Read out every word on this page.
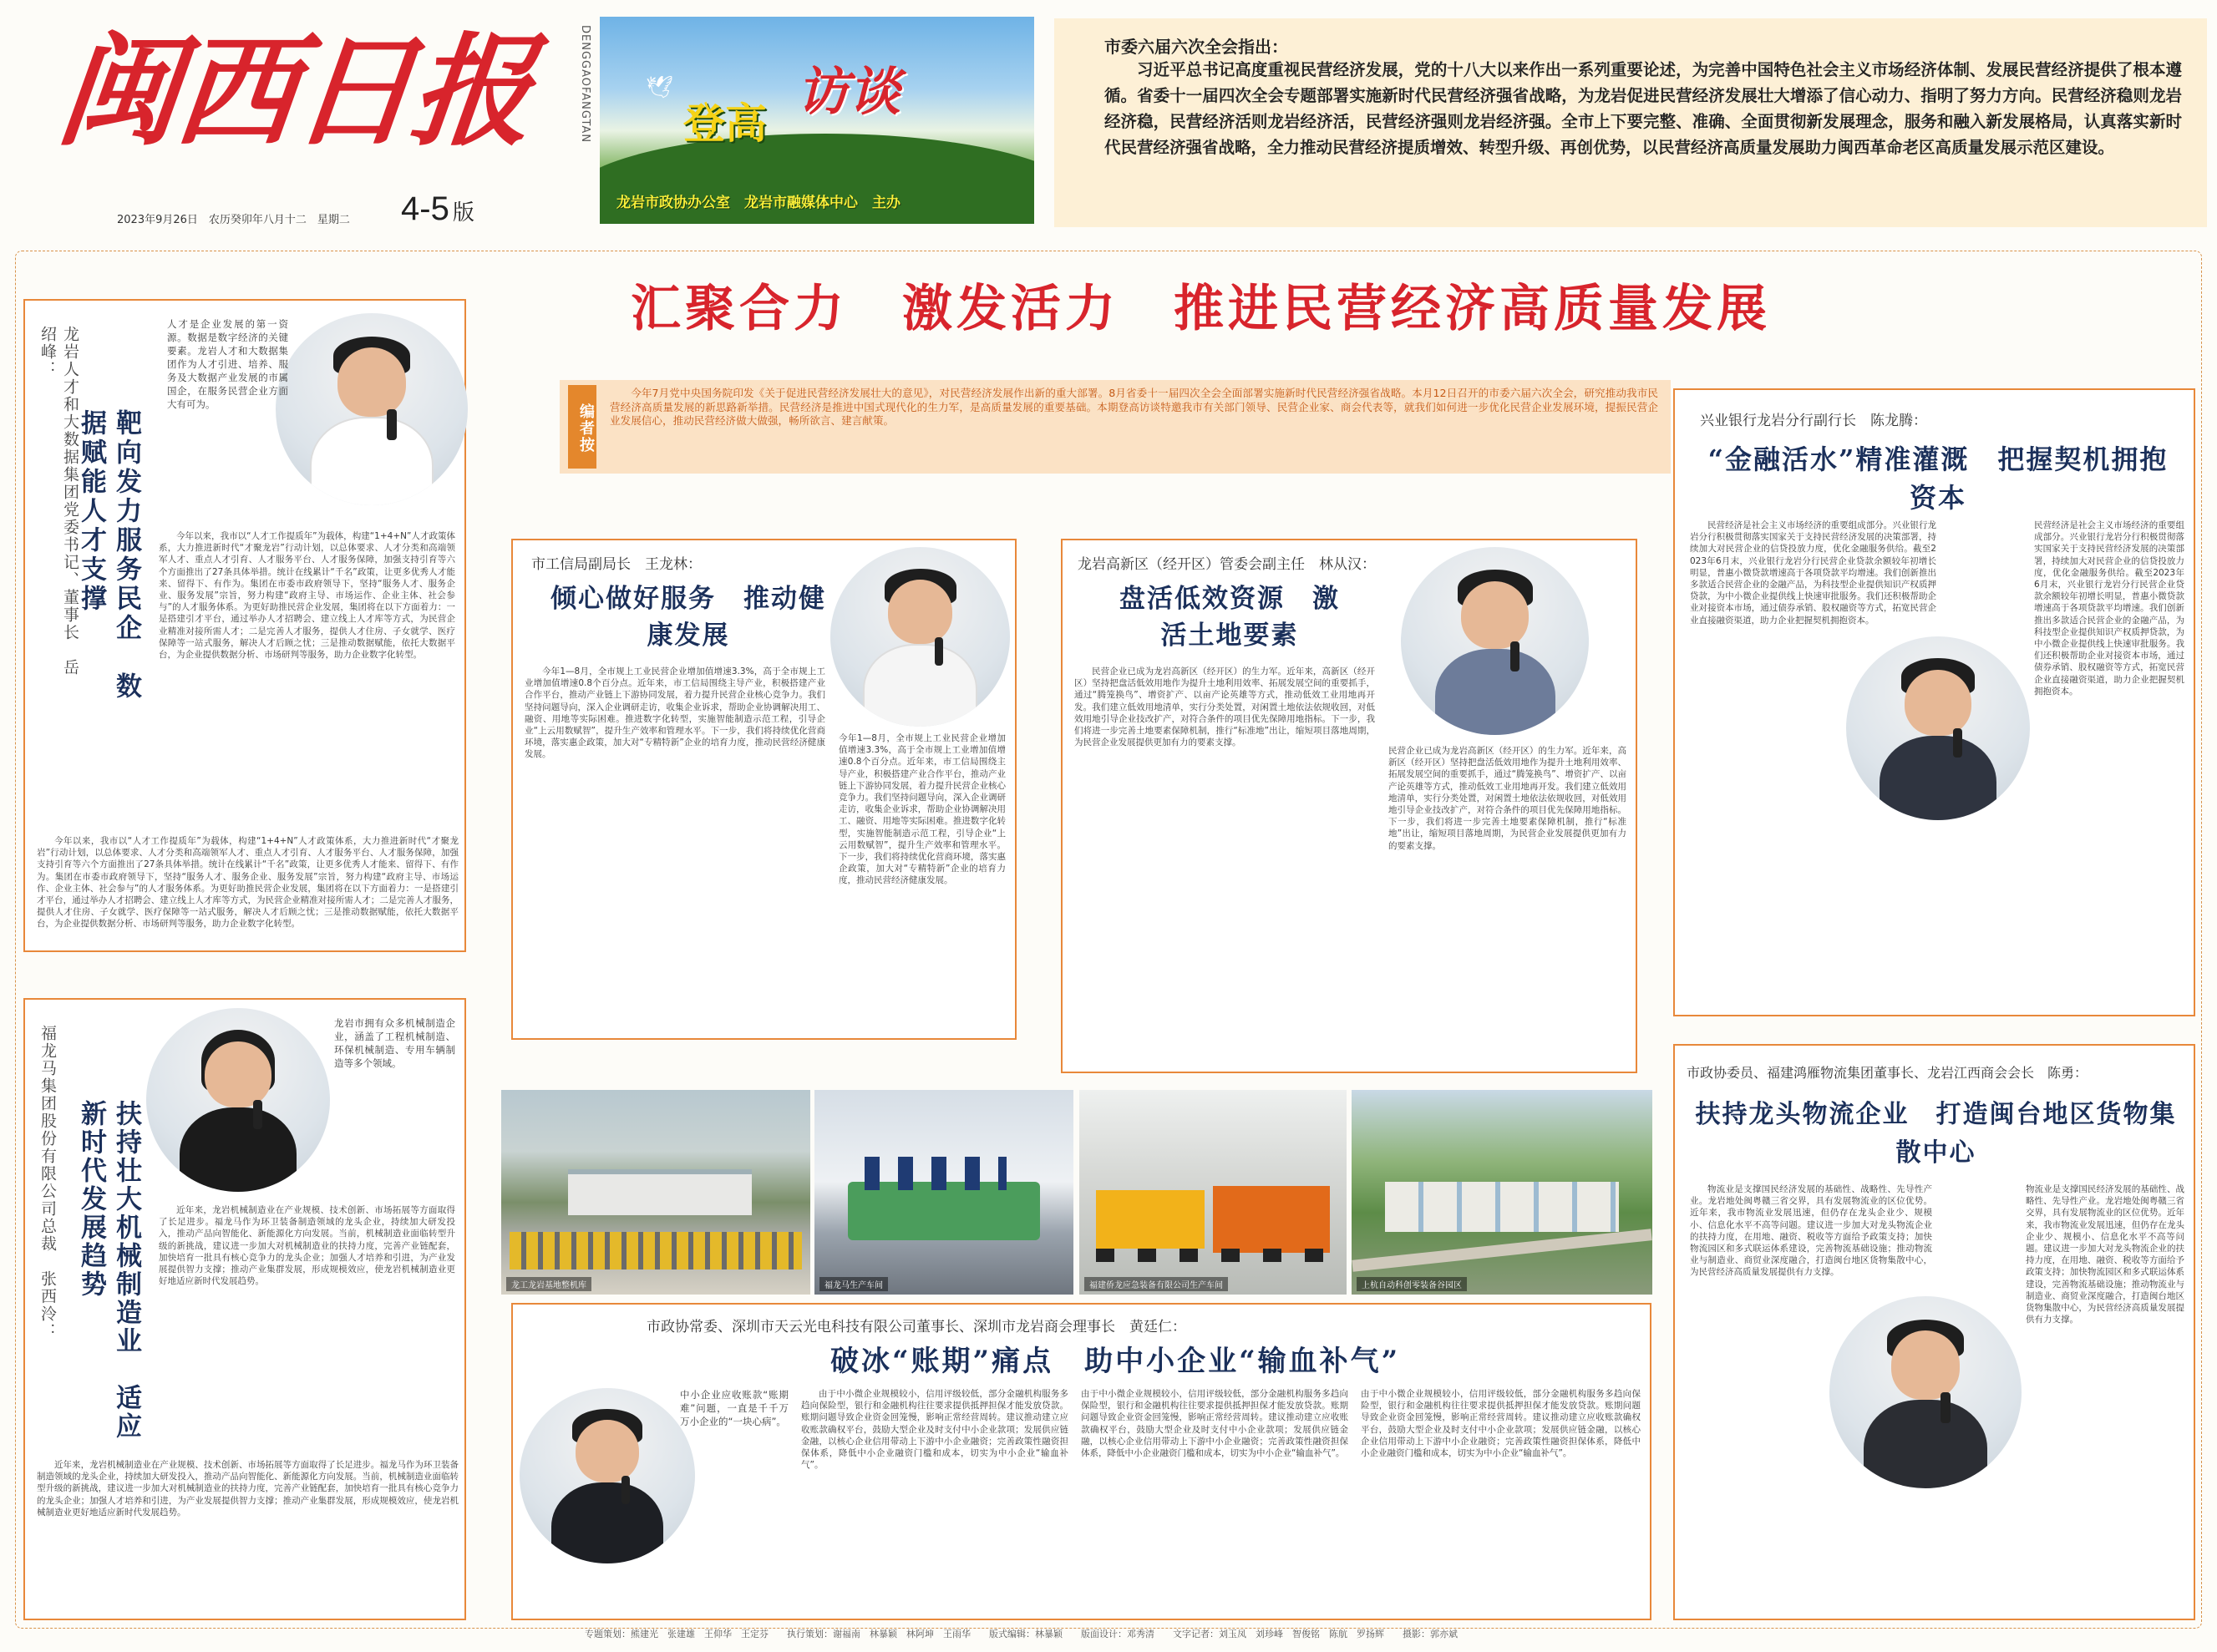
闽西日报
4-5 版
2023年9月26日　农历癸卯年八月十二　星期二
DENGGAOFANGTAN	🕊
登高
访谈
龙岩市政协办公室　龙岩市融媒体中心　主办
市委六届六次全会指出：
习近平总书记高度重视民营经济发展，党的十八大以来作出一系列重要论述，为完善中国特色社会主义市场经济体制、发展民营经济提供了根本遵循。省委十一届四次全会专题部署实施新时代民营经济强省战略，为龙岩促进民营经济发展壮大增添了信心动力、指明了努力方向。民营经济稳则龙岩经济稳，民营经济活则龙岩经济活，民营经济强则龙岩经济强。全市上下要完整、准确、全面贯彻新发展理念，服务和融入新发展格局，认真落实新时代民营经济强省战略，全力推动民营经济提质增效、转型升级、再创优势，以民营经济高质量发展助力闽西革命老区高质量发展示范区建设。
汇聚合力　激发活力　推进民营经济高质量发展
编者按
今年7月党中央国务院印发《关于促进民营经济发展壮大的意见》，对民营经济发展作出新的重大部署。8月省委十一届四次全会全面部署实施新时代民营经济强省战略。本月12日召开的市委六届六次全会，研究推动我市民营经济高质量发展的新思路新举措。民营经济是推进中国式现代化的生力军，是高质量发展的重要基础。本期登高访谈特邀我市有关部门领导、民营企业家、商会代表等，就我们如何进一步优化民营企业发展环境，提振民营企业发展信心，推动民营经济做大做强，畅所欲言、建言献策。
龙岩人才和大数据集团党委书记、董事长　岳绍峰：
靶向发力服务民企　数据赋能人才支撑
人才是企业发展的第一资源。数据是数字经济的关键要素。龙岩人才和大数据集团作为人才引进、培养、服务及大数据产业发展的市属国企，在服务民营企业方面大有可为。
今年以来，我市以“人才工作提质年”为载体，构建“1+4+N”人才政策体系，大力推进新时代“才聚龙岩”行动计划，以总体要求、人才分类和高端领军人才、重点人才引育、人才服务平台、人才服务保障，加强支持引育等六个方面推出了27条具体举措。统计在线累计“千名”政策，让更多优秀人才能来、留得下、有作为。集团在市委市政府领导下，坚持“服务人才、服务企业、服务发展”宗旨，努力构建“政府主导、市场运作、企业主体、社会参与”的人才服务体系。为更好助推民营企业发展，集团将在以下方面着力：一是搭建引才平台，通过举办人才招聘会、建立线上人才库等方式，为民营企业精准对接所需人才；二是完善人才服务，提供人才住房、子女就学、医疗保障等一站式服务，解决人才后顾之忧；三是推动数据赋能，依托大数据平台，为企业提供数据分析、市场研判等服务，助力企业数字化转型。
今年以来，我市以“人才工作提质年”为载体，构建“1+4+N”人才政策体系，大力推进新时代“才聚龙岩”行动计划，以总体要求、人才分类和高端领军人才、重点人才引育、人才服务平台、人才服务保障，加强支持引育等六个方面推出了27条具体举措。统计在线累计“千名”政策，让更多优秀人才能来、留得下、有作为。集团在市委市政府领导下，坚持“服务人才、服务企业、服务发展”宗旨，努力构建“政府主导、市场运作、企业主体、社会参与”的人才服务体系。为更好助推民营企业发展，集团将在以下方面着力：一是搭建引才平台，通过举办人才招聘会、建立线上人才库等方式，为民营企业精准对接所需人才；二是完善人才服务，提供人才住房、子女就学、医疗保障等一站式服务，解决人才后顾之忧；三是推动数据赋能，依托大数据平台，为企业提供数据分析、市场研判等服务，助力企业数字化转型。
市工信局副局长　王龙林：
倾心做好服务　推动健康发展
今年1—8月，全市规上工业民营企业增加值增速3.3%，高于全市规上工业增加值增速0.8个百分点。近年来，市工信局围绕主导产业，积极搭建产业合作平台，推动产业链上下游协同发展，着力提升民营企业核心竞争力。我们坚持问题导向，深入企业调研走访，收集企业诉求，帮助企业协调解决用工、融资、用地等实际困难。推进数字化转型，实施智能制造示范工程，引导企业“上云用数赋智”，提升生产效率和管理水平。下一步，我们将持续优化营商环境，落实惠企政策，加大对“专精特新”企业的培育力度，推动民营经济健康发展。
今年1—8月，全市规上工业民营企业增加值增速3.3%，高于全市规上工业增加值增速0.8个百分点。近年来，市工信局围绕主导产业，积极搭建产业合作平台，推动产业链上下游协同发展，着力提升民营企业核心竞争力。我们坚持问题导向，深入企业调研走访，收集企业诉求，帮助企业协调解决用工、融资、用地等实际困难。推进数字化转型，实施智能制造示范工程，引导企业“上云用数赋智”，提升生产效率和管理水平。下一步，我们将持续优化营商环境，落实惠企政策，加大对“专精特新”企业的培育力度，推动民营经济健康发展。
龙岩高新区（经开区）管委会副主任　林从汉：
盘活低效资源　激活土地要素
民营企业已成为龙岩高新区（经开区）的生力军。近年来，高新区（经开区）坚持把盘活低效用地作为提升土地利用效率、拓展发展空间的重要抓手，通过“腾笼换鸟”、增资扩产、以亩产论英雄等方式，推动低效工业用地再开发。我们建立低效用地清单，实行分类处置，对闲置土地依法依规收回，对低效用地引导企业技改扩产，对符合条件的项目优先保障用地指标。下一步，我们将进一步完善土地要素保障机制，推行“标准地”出让，缩短项目落地周期，为民营企业发展提供更加有力的要素支撑。
民营企业已成为龙岩高新区（经开区）的生力军。近年来，高新区（经开区）坚持把盘活低效用地作为提升土地利用效率、拓展发展空间的重要抓手，通过“腾笼换鸟”、增资扩产、以亩产论英雄等方式，推动低效工业用地再开发。我们建立低效用地清单，实行分类处置，对闲置土地依法依规收回，对低效用地引导企业技改扩产，对符合条件的项目优先保障用地指标。下一步，我们将进一步完善土地要素保障机制，推行“标准地”出让，缩短项目落地周期，为民营企业发展提供更加有力的要素支撑。
兴业银行龙岩分行副行长　陈龙腾：
“金融活水”精准灌溉　把握契机拥抱资本
民营经济是社会主义市场经济的重要组成部分。兴业银行龙岩分行积极贯彻落实国家关于支持民营经济发展的决策部署，持续加大对民营企业的信贷投放力度，优化金融服务供给。截至2023年6月末，兴业银行龙岩分行民营企业贷款余额较年初增长明显，普惠小微贷款增速高于各项贷款平均增速。我们创新推出多款适合民营企业的金融产品，为科技型企业提供知识产权质押贷款，为中小微企业提供线上快速审批服务。我们还积极帮助企业对接资本市场，通过债券承销、股权融资等方式，拓宽民营企业直接融资渠道，助力企业把握契机拥抱资本。
民营经济是社会主义市场经济的重要组成部分。兴业银行龙岩分行积极贯彻落实国家关于支持民营经济发展的决策部署，持续加大对民营企业的信贷投放力度，优化金融服务供给。截至2023年6月末，兴业银行龙岩分行民营企业贷款余额较年初增长明显，普惠小微贷款增速高于各项贷款平均增速。我们创新推出多款适合民营企业的金融产品，为科技型企业提供知识产权质押贷款，为中小微企业提供线上快速审批服务。我们还积极帮助企业对接资本市场，通过债券承销、股权融资等方式，拓宽民营企业直接融资渠道，助力企业把握契机拥抱资本。
福龙马集团股份有限公司总裁　张西泠：	扶持壮大机械制造业　适应新时代发展趋势
龙岩市拥有众多机械制造企业，涵盖了工程机械制造、环保机械制造、专用车辆制造等多个领域。
近年来，龙岩机械制造业在产业规模、技术创新、市场拓展等方面取得了长足进步。福龙马作为环卫装备制造领域的龙头企业，持续加大研发投入，推动产品向智能化、新能源化方向发展。当前，机械制造业面临转型升级的新挑战，建议进一步加大对机械制造业的扶持力度，完善产业链配套，加快培育一批具有核心竞争力的龙头企业；加强人才培养和引进，为产业发展提供智力支撑；推动产业集群发展，形成规模效应，使龙岩机械制造业更好地适应新时代发展趋势。
近年来，龙岩机械制造业在产业规模、技术创新、市场拓展等方面取得了长足进步。福龙马作为环卫装备制造领域的龙头企业，持续加大研发投入，推动产品向智能化、新能源化方向发展。当前，机械制造业面临转型升级的新挑战，建议进一步加大对机械制造业的扶持力度，完善产业链配套，加快培育一批具有核心竞争力的龙头企业；加强人才培养和引进，为产业发展提供智力支撑；推动产业集群发展，形成规模效应，使龙岩机械制造业更好地适应新时代发展趋势。
龙工龙岩基地整机库	福龙马生产车间	福建侨龙应急装备有限公司生产车间	上杭自动科创零装备谷园区
市政协常委、深圳市天云光电科技有限公司董事长、深圳市龙岩商会理事长　黄廷仁：
破冰“账期”痛点　助中小企业“输血补气”
中小企业应收账款“账期难”问题，一直是千千万万小企业的“一块心病”。
由于中小微企业规模较小，信用评级较低，部分金融机构服务多趋向保险型，银行和金融机构往往要求提供抵押担保才能发放贷款。账期问题导致企业资金回笼慢，影响正常经营周转。建议推动建立应收账款确权平台，鼓励大型企业及时支付中小企业款项；发展供应链金融，以核心企业信用带动上下游中小企业融资；完善政策性融资担保体系，降低中小企业融资门槛和成本，切实为中小企业“输血补气”。
由于中小微企业规模较小，信用评级较低，部分金融机构服务多趋向保险型，银行和金融机构往往要求提供抵押担保才能发放贷款。账期问题导致企业资金回笼慢，影响正常经营周转。建议推动建立应收账款确权平台，鼓励大型企业及时支付中小企业款项；发展供应链金融，以核心企业信用带动上下游中小企业融资；完善政策性融资担保体系，降低中小企业融资门槛和成本，切实为中小企业“输血补气”。
由于中小微企业规模较小，信用评级较低，部分金融机构服务多趋向保险型，银行和金融机构往往要求提供抵押担保才能发放贷款。账期问题导致企业资金回笼慢，影响正常经营周转。建议推动建立应收账款确权平台，鼓励大型企业及时支付中小企业款项；发展供应链金融，以核心企业信用带动上下游中小企业融资；完善政策性融资担保体系，降低中小企业融资门槛和成本，切实为中小企业“输血补气”。
市政协委员、福建鸿雁物流集团董事长、龙岩江西商会会长　陈勇：
扶持龙头物流企业　打造闽台地区货物集散中心
物流业是支撑国民经济发展的基础性、战略性、先导性产业。龙岩地处闽粤赣三省交界，具有发展物流业的区位优势。近年来，我市物流业发展迅速，但仍存在龙头企业少、规模小、信息化水平不高等问题。建议进一步加大对龙头物流企业的扶持力度，在用地、融资、税收等方面给予政策支持；加快物流园区和多式联运体系建设，完善物流基础设施；推动物流业与制造业、商贸业深度融合，打造闽台地区货物集散中心，为民营经济高质量发展提供有力支撑。
物流业是支撑国民经济发展的基础性、战略性、先导性产业。龙岩地处闽粤赣三省交界，具有发展物流业的区位优势。近年来，我市物流业发展迅速，但仍存在龙头企业少、规模小、信息化水平不高等问题。建议进一步加大对龙头物流企业的扶持力度，在用地、融资、税收等方面给予政策支持；加快物流园区和多式联运体系建设，完善物流基础设施；推动物流业与制造业、商贸业深度融合，打造闽台地区货物集散中心，为民营经济高质量发展提供有力支撑。
专题策划：熊建光　张建雄　王仰华　王定芬　　执行策划：谢福南　林暴颖　林阿坤　王雨华　　版式编辑：林暴颖　　版面设计：邓秀清　　文字记者：刘玉凤　刘珍峰　智俊铭　陈航　罗扬辉　　摄影：郭亦斌
